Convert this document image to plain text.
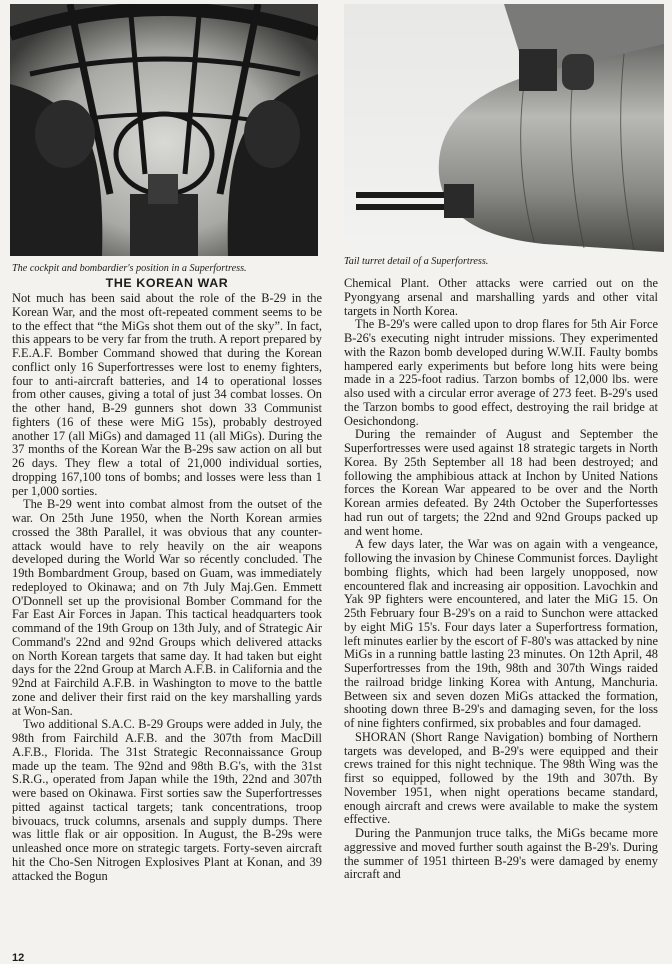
The cockpit and bombardier's position in a Superfortress.
Tail turret detail of a Superfortress.
THE KOREAN WAR

Not much has been said about the role of the B-29 in the Korean War, and the most oft-repeated comment seems to be to the effect that “the MiGs shot them out of the sky”. In fact, this appears to be very far from the truth. A report prepared by F.E.A.F. Bomber Command showed that during the Korean conflict only 16 Superfortresses were lost to enemy fighters, four to anti-aircraft batteries, and 14 to operational losses from other causes, giving a total of just 34 combat losses. On the other hand, B-29 gunners shot down 33 Communist fighters (16 of these were MiG 15s), probably destroyed another 17 (all MiGs) and damaged 11 (all MiGs). During the 37 months of the Korean War the B-29s saw action on all but 26 days. They flew a total of 21,000 individual sorties, dropping 167,100 tons of bombs; and losses were less than 1 per 1,000 sorties.

The B-29 went into combat almost from the outset of the war. On 25th June 1950, when the North Korean armies crossed the 38th Parallel, it was obvious that any counter-attack would have to rely heavily on the air weapons developed during the World War so récently concluded. The 19th Bombardment Group, based on Guam, was immediately redeployed to Okinawa; and on 7th July Maj.Gen. Emmett O'Donnell set up the provisional Bomber Command for the Far East Air Forces in Japan. This tactical headquarters took command of the 19th Group on 13th July, and of Strategic Air Command's 22nd and 92nd Groups which delivered attacks on North Korean targets that same day. It had taken but eight days for the 22nd Group at March A.F.B. in California and the 92nd at Fairchild A.F.B. in Washington to move to the battle zone and deliver their first raid on the key marshalling yards at Won-San.

Two additional S.A.C. B-29 Groups were added in July, the 98th from Fairchild A.F.B. and the 307th from MacDill A.F.B., Florida. The 31st Strategic Reconnaissance Group made up the team. The 92nd and 98th B.G's, with the 31st S.R.G., operated from Japan while the 19th, 22nd and 307th were based on Okinawa. First sorties saw the Superfortresses pitted against tactical targets; tank concentrations, troop bivouacs, truck columns, arsenals and supply dumps. There was little flak or air opposition. In August, the B-29s were unleashed once more on strategic targets. Forty-seven aircraft hit the Cho-Sen Nitrogen Explosives Plant at Konan, and 39 attacked the Bogun

Chemical Plant. Other attacks were carried out on the Pyongyang arsenal and marshalling yards and other vital targets in North Korea.

The B-29's were called upon to drop flares for 5th Air Force B-26's executing night intruder missions. They experimented with the Razon bomb developed during W.W.II. Faulty bombs hampered early experiments but before long hits were being made in a 225-foot radius. Tarzon bombs of 12,000 lbs. were also used with a circular error average of 273 feet. B-29's used the Tarzon bombs to good effect, destroying the rail bridge at Oesichondong.

During the remainder of August and September the Superfortresses were used against 18 strategic targets in North Korea. By 25th September all 18 had been destroyed; and following the amphibious attack at Inchon by United Nations forces the Korean War appeared to be over and the North Korean armies defeated. By 24th October the Superfortesses had run out of targets; the 22nd and 92nd Groups packed up and went home.

A few days later, the War was on again with a vengeance, following the invasion by Chinese Communist forces. Daylight bombing flights, which had been largely unopposed, now encountered flak and increasing air opposition. Lavochkin and Yak 9P fighters were encountered, and later the MiG 15. On 25th February four B-29's on a raid to Sunchon were attacked by eight MiG 15's. Four days later a Superfortress formation, left minutes earlier by the escort of F-80's was attacked by nine MiGs in a running battle lasting 23 minutes. On 12th April, 48 Superfortresses from the 19th, 98th and 307th Wings raided the railroad bridge linking Korea with Antung, Manchuria. Between six and seven dozen MiGs attacked the formation, shooting down three B-29's and damaging seven, for the loss of nine fighters confirmed, six probables and four damaged.

SHORAN (Short Range Navigation) bombing of Northern targets was developed, and B-29's were equipped and their crews trained for this night technique. The 98th Wing was the first so equipped, followed by the 19th and 307th. By November 1951, when night operations became standard, enough aircraft and crews were available to make the system effective.

During the Panmunjon truce talks, the MiGs became more aggressive and moved further south against the B-29's. During the summer of 1951 thirteen B-29's were damaged by enemy aircraft and

12
